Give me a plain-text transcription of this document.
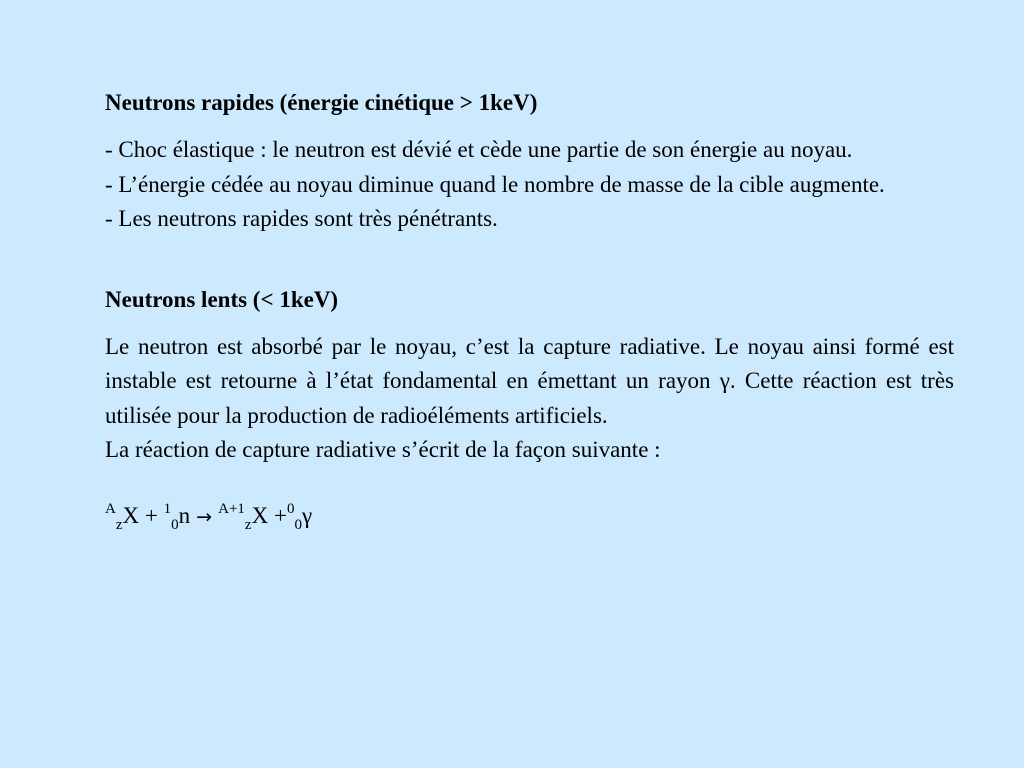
Neutrons rapides (énergie cinétique > 1keV)
- Choc élastique : le neutron est dévié et cède une partie de son énergie au noyau.
- L’énergie cédée au noyau diminue quand le nombre de masse de la cible augmente.
- Les neutrons rapides sont très pénétrants.
Neutrons lents (< 1keV)
Le neutron est absorbé par le noyau, c’est la capture radiative. Le noyau ainsi formé est instable est retourne à l’état fondamental en émettant un rayon γ. Cette réaction est très utilisée pour la production de radioéléments artificiels.
La réaction de capture radiative s’écrit de la façon suivante :
$^A_z$X + $^1_0$n → $^{A+1}_z$X +$^0_0$γ
